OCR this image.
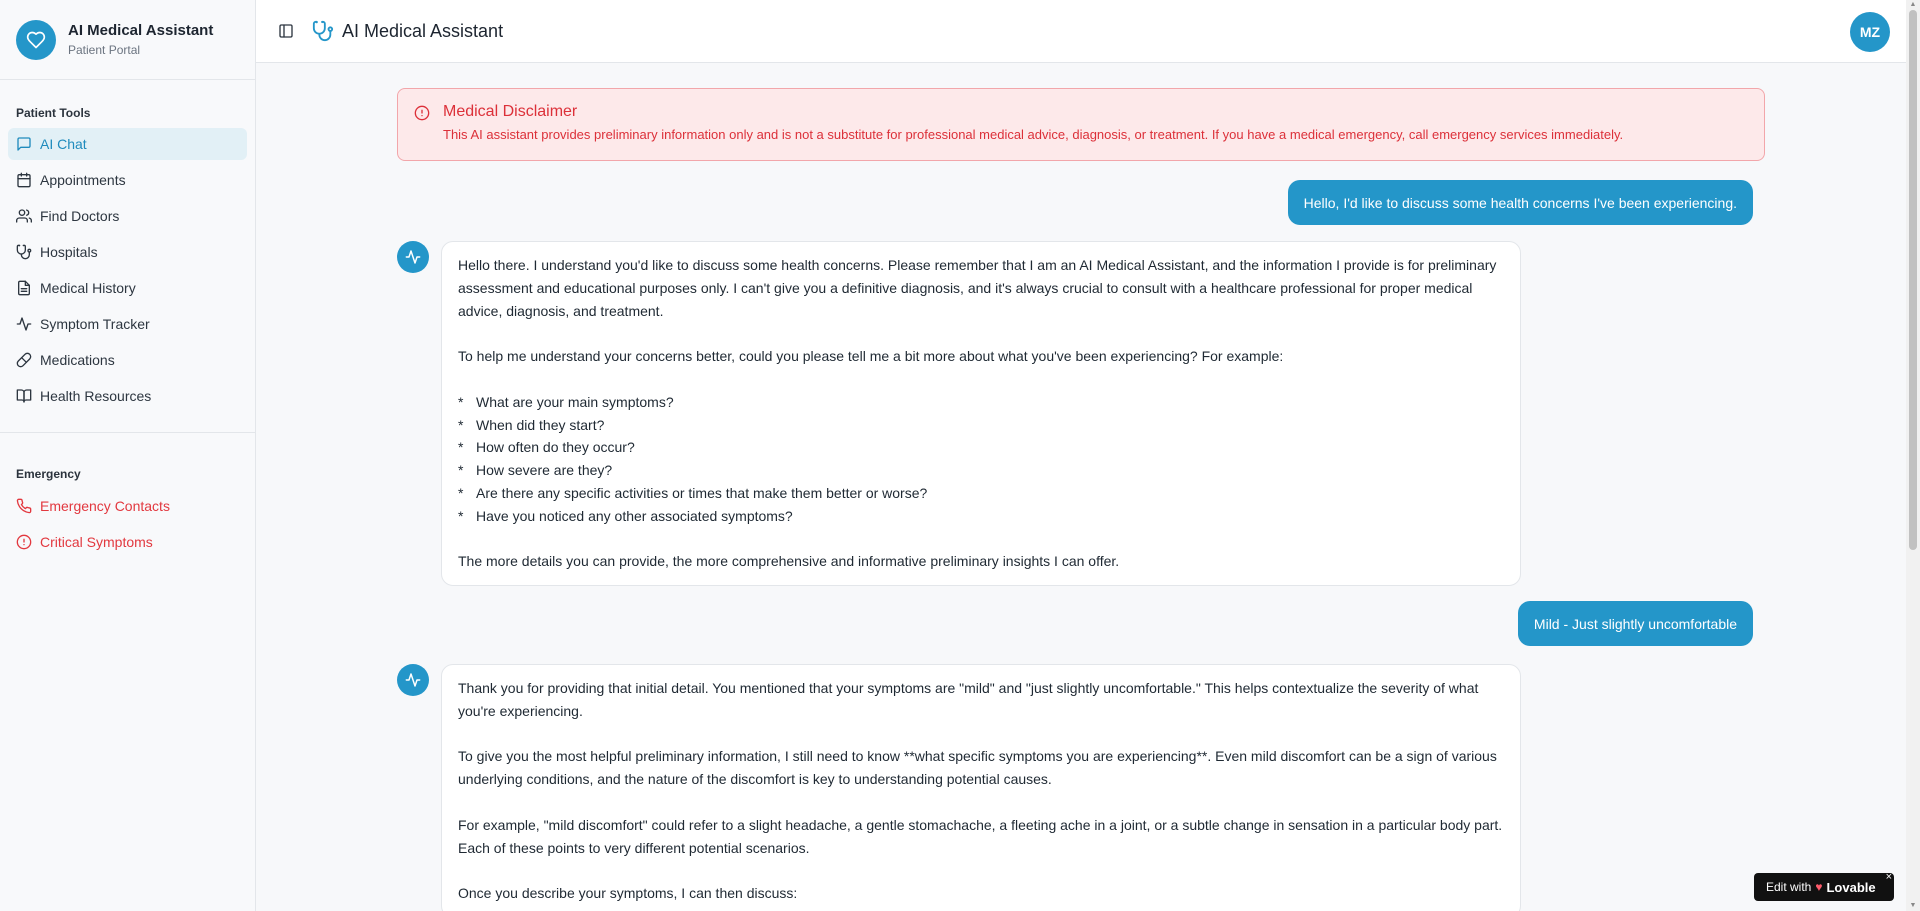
AI Medical Assistant
Patient Portal
Patient Tools
AI Chat
Appointments
Find Doctors
Hospitals
Medical History
Symptom Tracker
Medications
Health Resources
Emergency
Emergency Contacts
Critical Symptoms
AI Medical Assistant	MZ
Medical Disclaimer
This AI assistant provides preliminary information only and is not a substitute for professional medical advice, diagnosis, or treatment. If you have a medical emergency, call emergency services immediately.
Hello, I'd like to discuss some health concerns I've been experiencing.

Hello there. I understand you'd like to discuss some health concerns. Please remember that I am an AI Medical Assistant, and the information I provide is for preliminary assessment and educational purposes only. I can't give you a definitive diagnosis, and it's always crucial to consult with a healthcare professional for proper medical advice, diagnosis, and treatment.

To help me understand your concerns better, could you please tell me a bit more about what you've been experiencing? For example:

* What are your main symptoms?
* When did they start?
* How often do they occur?
* How severe are they?
* Are there any specific activities or times that make them better or worse?
* Have you noticed any other associated symptoms?

The more details you can provide, the more comprehensive and informative preliminary insights I can offer.

Mild - Just slightly uncomfortable

Thank you for providing that initial detail. You mentioned that your symptoms are "mild" and "just slightly uncomfortable." This helps contextualize the severity of what you're experiencing.

To give you the most helpful preliminary information, I still need to know **what specific symptoms you are experiencing**. Even mild discomfort can be a sign of various underlying conditions, and the nature of the discomfort is key to understanding potential causes.

For example, "mild discomfort" could refer to a slight headache, a gentle stomachache, a fleeting ache in a joint, or a subtle change in sensation in a particular body part. Each of these points to very different potential scenarios.

Once you describe your symptoms, I can then discuss:

▲
▼
Edit with ♥ Lovable
×
